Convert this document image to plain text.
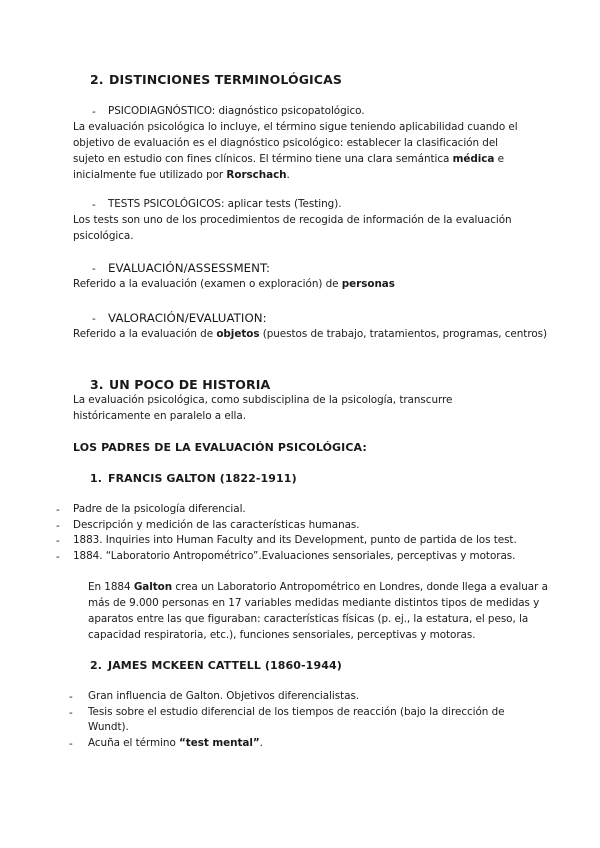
2. DISTINCIONES TERMINOLÓGICAS
- PSICODIAGNÓSTICO: diagnóstico psicopatológico.
La evaluación psicológica lo incluye, el término sigue teniendo aplicabilidad cuando el
objetivo de evaluación es el diagnóstico psicológico: establecer la clasificación del
sujeto en estudio con fines clínicos. El término tiene una clara semántica médica e
inicialmente fue utilizado por Rorschach.
- TESTS PSICOLÓGICOS: aplicar tests (Testing).
Los tests son uno de los procedimientos de recogida de información de la evaluación
psicológica.
- EVALUACIÓN/ASSESSMENT:
Referido a la evaluación (examen o exploración) de personas
- VALORACIÓN/EVALUATION:
Referido a la evaluación de objetos (puestos de trabajo, tratamientos, programas, centros)
3. UN POCO DE HISTORIA
La evaluación psicológica, como subdisciplina de la psicología, transcurre
históricamente en paralelo a ella.
LOS PADRES DE LA EVALUACIÓN PSICOLÓGICA:
1. FRANCIS GALTON (1822-1911)
- Padre de la psicología diferencial.
- Descripción y medición de las características humanas.
- 1883. Inquiries into Human Faculty and its Development, punto de partida de los test.
- 1884. “Laboratorio Antropométrico”.Evaluaciones sensoriales, perceptivas y motoras.
En 1884 Galton crea un Laboratorio Antropométrico en Londres, donde llega a evaluar a
más de 9.000 personas en 17 variables medidas mediante distintos tipos de medidas y
aparatos entre las que figuraban: características físicas (p. ej., la estatura, el peso, la
capacidad respiratoria, etc.), funciones sensoriales, perceptivas y motoras.
2. JAMES MCKEEN CATTELL (1860-1944)
- Gran influencia de Galton. Objetivos diferencialistas.
- Tesis sobre el estudio diferencial de los tiempos de reacción (bajo la dirección de
Wundt).
- Acuña el término “test mental”.
